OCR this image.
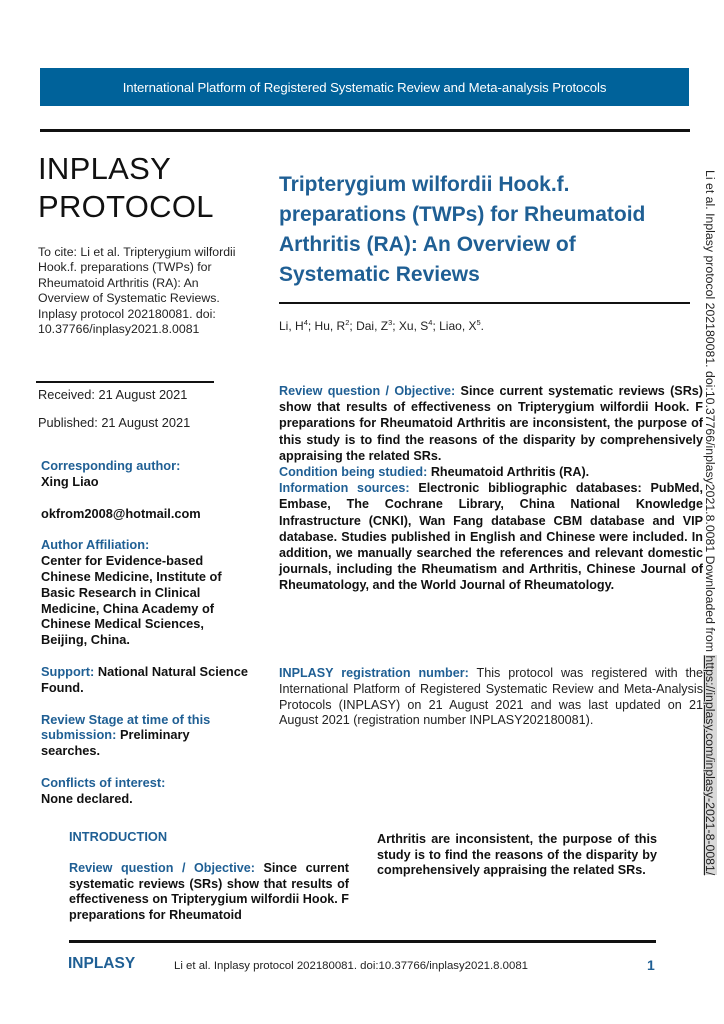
International Platform of Registered Systematic Review and Meta-analysis Protocols
INPLASY
PROTOCOL
To cite: Li et al. Tripterygium wilfordii Hook.f. preparations (TWPs) for Rheumatoid Arthritis (RA): An Overview of Systematic Reviews. Inplasy protocol 202180081. doi: 10.37766/inplasy2021.8.0081
Received: 21 August 2021
Published: 21 August 2021
Corresponding author:
Xing Liao
okfrom2008@hotmail.com
Author Affiliation:
Center for Evidence-based Chinese Medicine, Institute of Basic Research in Clinical Medicine, China Academy of Chinese Medical Sciences, Beijing, China.
Support: National Natural Science Found.
Review Stage at time of this submission: Preliminary searches.
Conflicts of interest:
None declared.
Tripterygium wilfordii Hook.f. preparations (TWPs) for Rheumatoid Arthritis (RA): An Overview of Systematic Reviews
Li, $H^4$; Hu, $R^2$; Dai, $Z^3$; Xu, $S^4$; Liao, $X^5$.

Review question / Objective: Since current systematic reviews (SRs) show that results of effectiveness on Tripterygium wilfordii Hook. F preparations for Rheumatoid Arthritis are inconsistent, the purpose of this study is to find the reasons of the disparity by comprehensively appraising the related SRs.

Condition being studied: Rheumatoid Arthritis (RA).

Information sources: Electronic bibliographic databases: PubMed, Embase, The Cochrane Library, China National Knowledge Infrastructure (CNKI), Wan Fang database CBM database and VIP database. Studies published in English and Chinese were included. In addition, we manually searched the references and relevant domestic journals, including the Rheumatism and Arthritis, Chinese Journal of Rheumatology, and the World Journal of Rheumatology.

INPLASY registration number: This protocol was registered with the International Platform of Registered Systematic Review and Meta-Analysis Protocols (INPLASY) on 21 August 2021 and was last updated on 21 August 2021 (registration number INPLASY202180081).
INTRODUCTION
Review question / Objective: Since current systematic reviews (SRs) show that results of effectiveness on Tripterygium wilfordii Hook. F preparations for Rheumatoid
Arthritis are inconsistent, the purpose of this study is to find the reasons of the disparity by comprehensively appraising the related SRs.
INPLASY	Li et al. Inplasy protocol 202180081. doi:10.37766/inplasy2021.8.0081	1
Li et al. Inplasy protocol 202180081. doi:10.37766/inplasy2021.8.0081 Downloaded from https://inplasy.com/inplasy-2021-8-0081/
